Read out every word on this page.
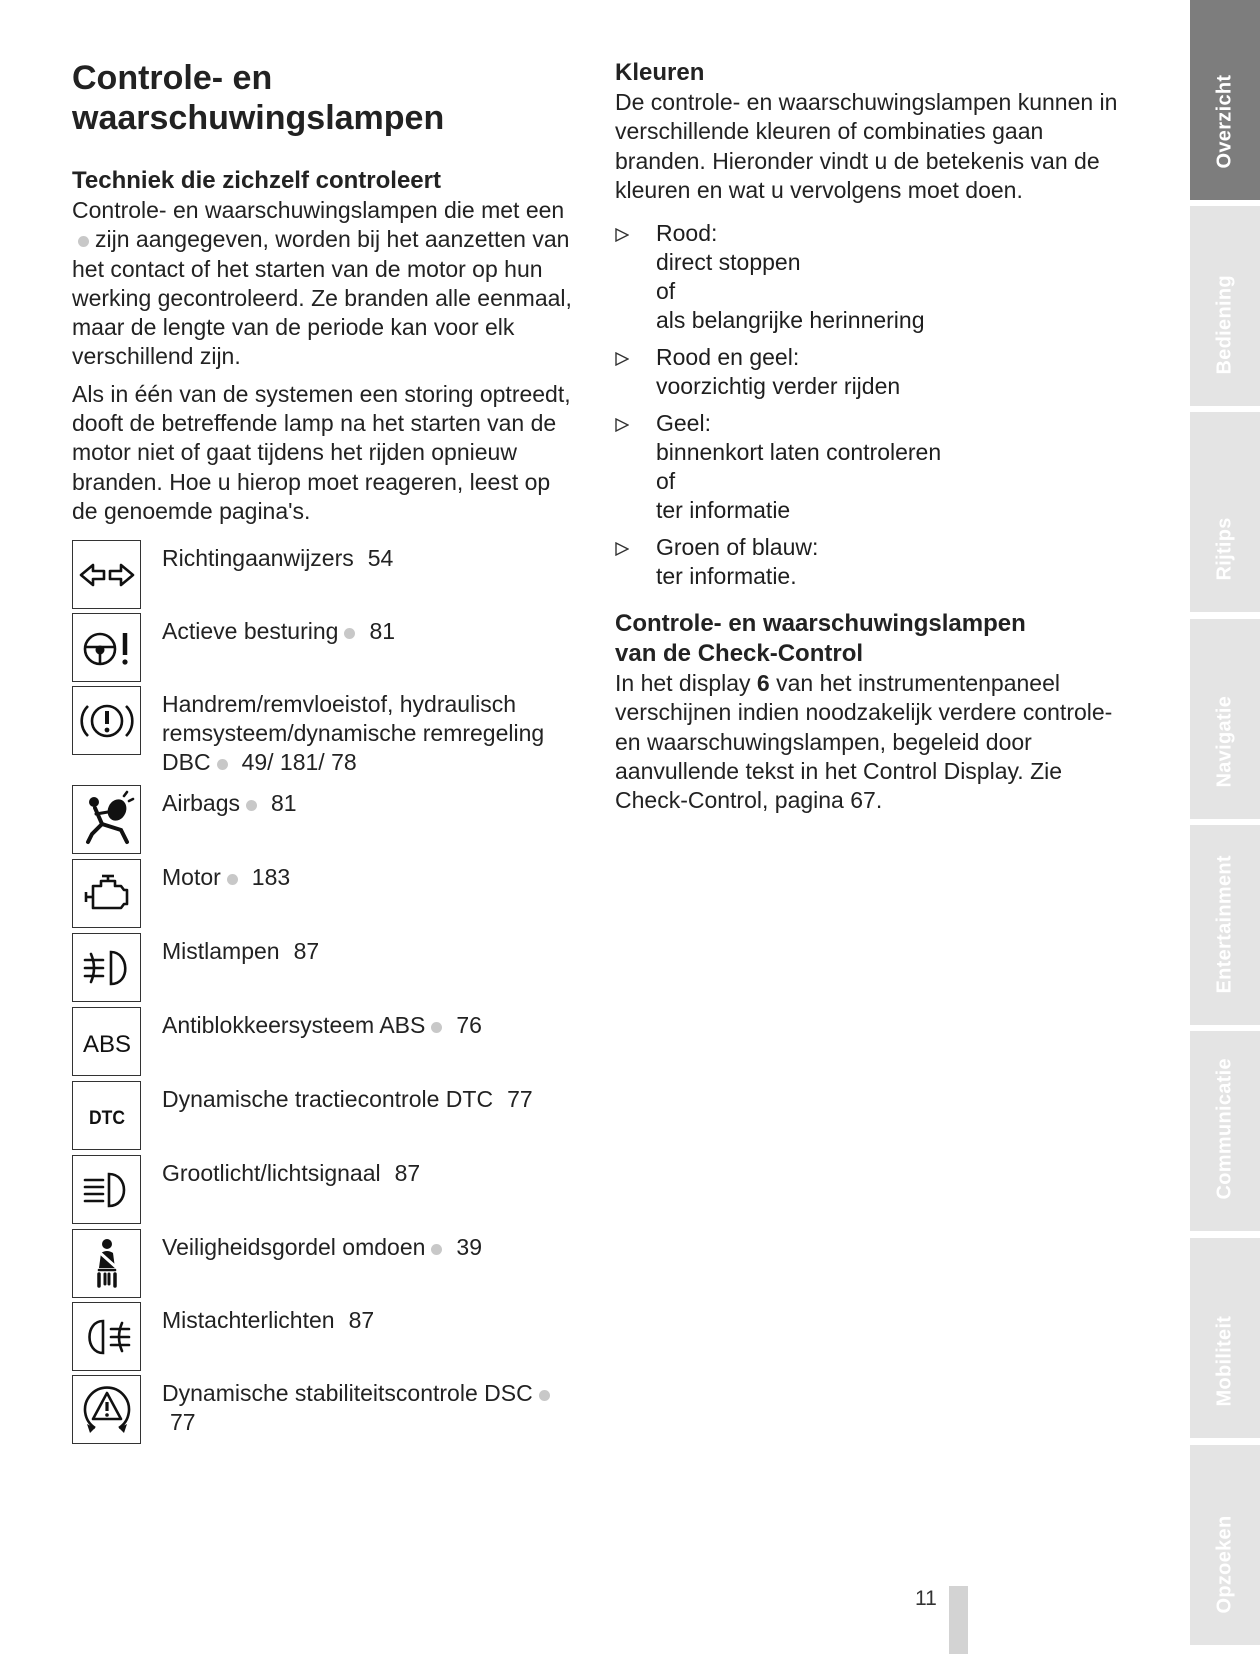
Controle- en
waarschuwingslampen
Techniek die zichzelf controleert

Controle- en waarschuwingslampen die met eenzijn aangegeven, worden bij het aanzetten van het contact of het starten van de motor op hun werking gecontroleerd. Ze branden alle eenmaal, maar de lengte van de periode kan voor elk verschillend zijn.

Als in één van de systemen een storing optreedt, dooft de betreffende lamp na het starten van de motor niet of gaat tijdens het rijden opnieuw branden. Hoe u hierop moet reageren, leest op de genoemde pagina's.

Richtingaanwijzers 54
Actieve besturing 81
Handrem/remvloeistof, hydraulisch remsysteem/dynamische remregeling DBC 49/ 181/ 78
Airbags 81
Motor 183
Mistlampen 87
ABS
Antiblokkeersysteem ABS 76
DTC
Dynamische tractiecontrole DTC 77
Grootlicht/lichtsignaal 87
Veiligheidsgordel omdoen 39
Mistachterlichten 87
Dynamische stabiliteitscontrole DSC77
Kleuren

De controle- en waarschuwingslampen kunnen in verschillende kleuren of combinaties gaan branden. Hieronder vindt u de betekenis van de kleuren en wat u vervolgens moet doen.

Rood:
direct stoppen
of
als belangrijke herinnering
Rood en geel:
voorzichtig verder rijden
Geel:
binnenkort laten controleren
of
ter informatie
Groen of blauw:
ter informatie.
Controle- en waarschuwingslampen
van de Check-Control

In het display 6 van het instrumentenpaneel verschijnen indien noodzakelijk verdere controle- en waarschuwingslampen, begeleid door aanvullende tekst in het Control Display. Zie Check-Control, pagina 67.

Overzicht
Bediening
Rijtips
Navigatie
Entertainment
Communicatie
Mobiliteit
Opzoeken
11
